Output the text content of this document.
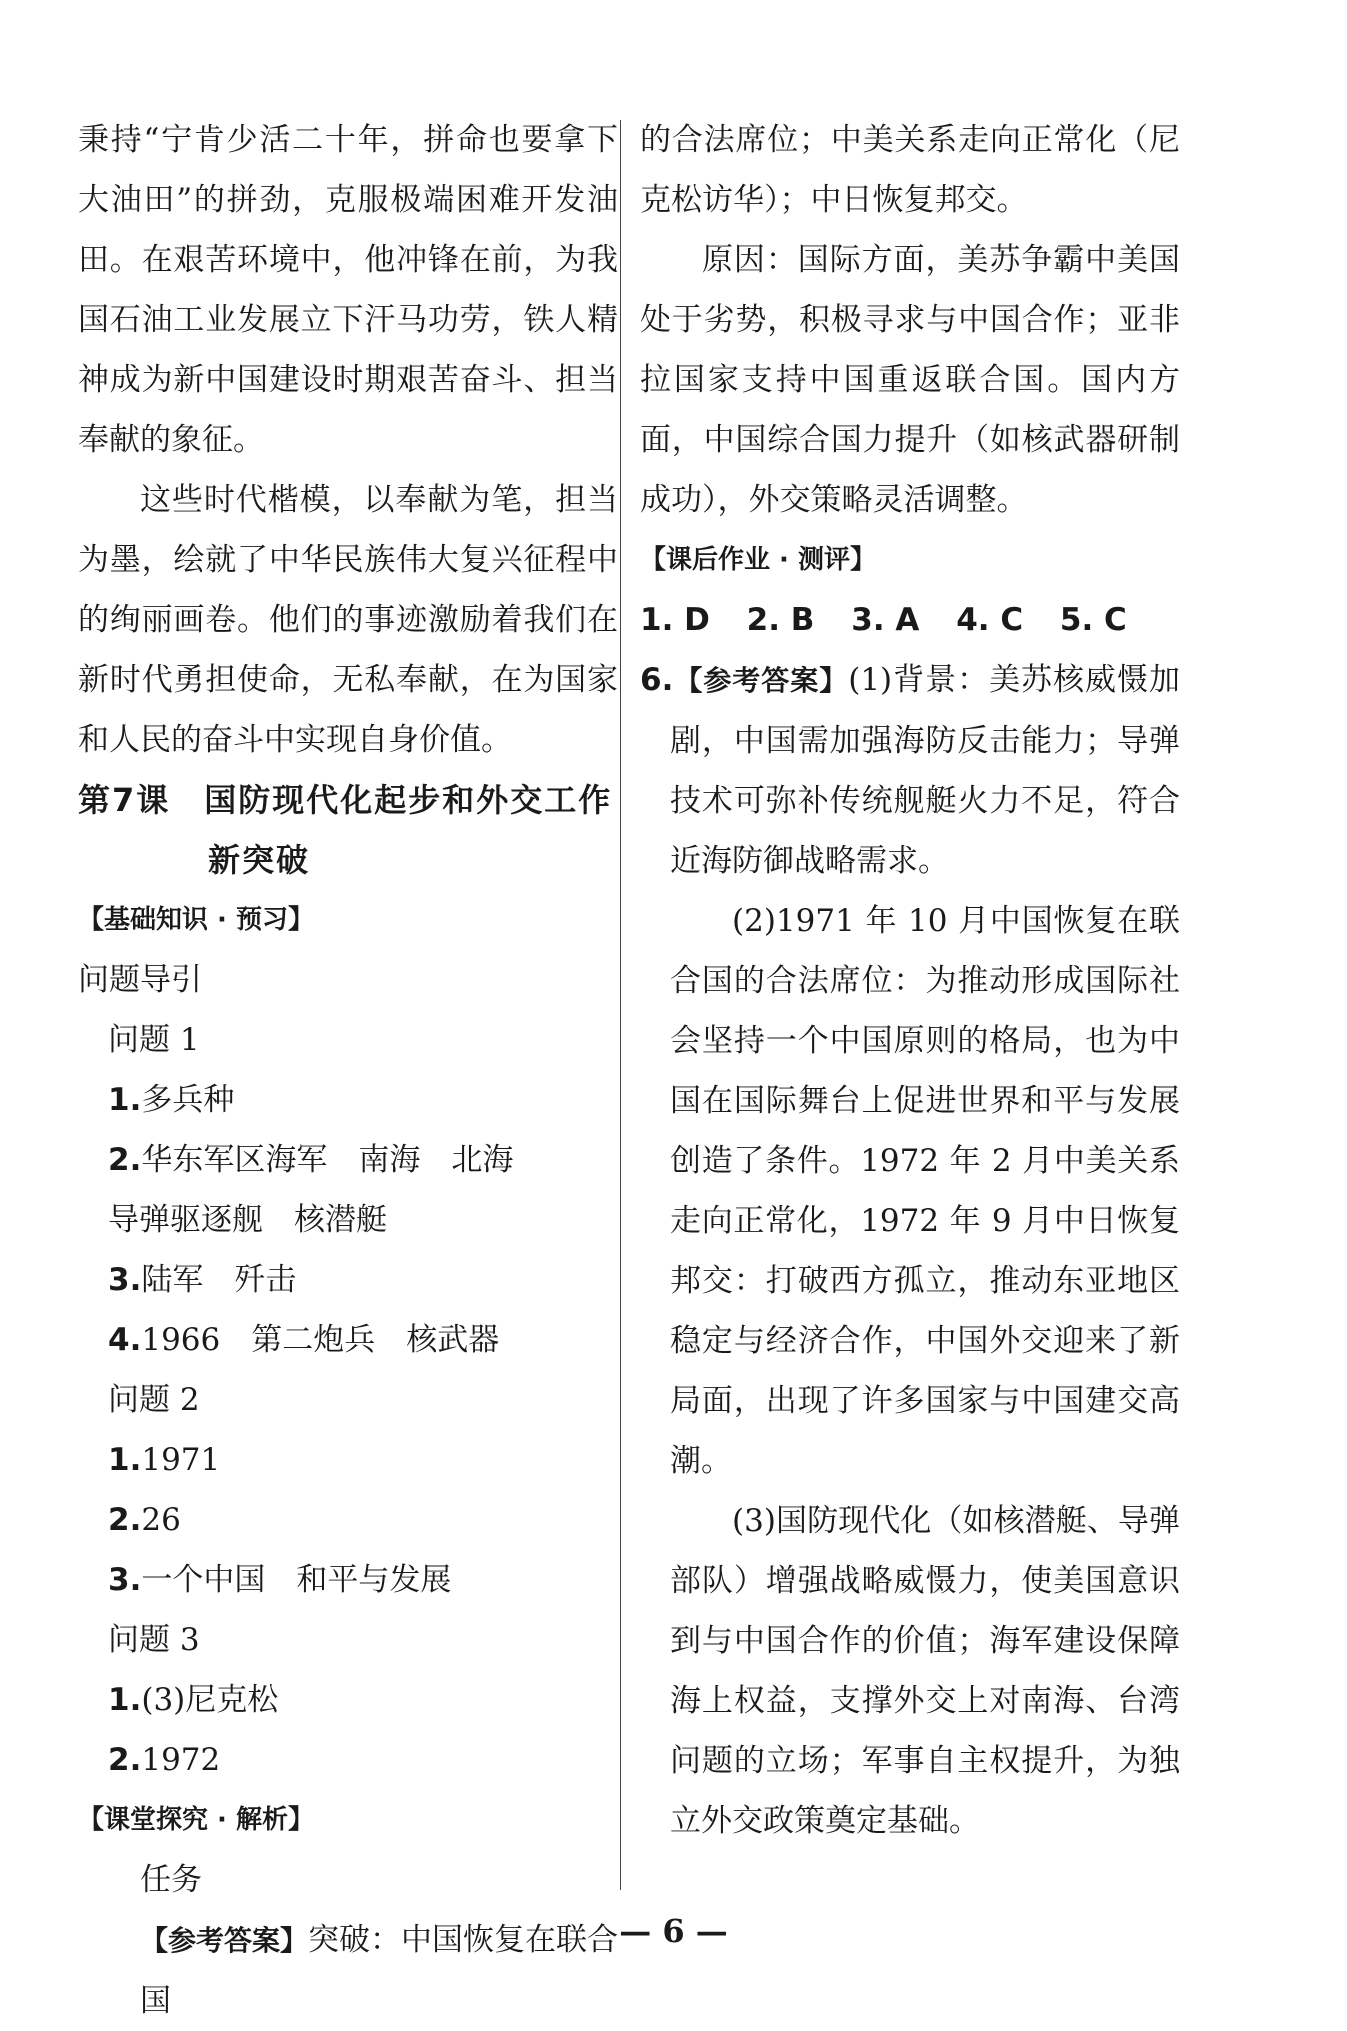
秉持“宁肯少活二十年，拼命也要拿下大油田”的拼劲，克服极端困难开发油田。在艰苦环境中，他冲锋在前，为我国石油工业发展立下汗马功劳，铁人精神成为新中国建设时期艰苦奋斗、担当奉献的象征。

这些时代楷模，以奉献为笔，担当为墨，绘就了中华民族伟大复兴征程中的绚丽画卷。他们的事迹激励着我们在新时代勇担使命，无私奉献，在为国家和人民的奋斗中实现自身价值。

第7课　国防现代化起步和外交工作
新突破
【基础知识 · 预习】
问题导引
问题 1
1.多兵种
2.华东军区海军　南海　北海
导弹驱逐舰　核潜艇
3.陆军　歼击
4.1966　第二炮兵　核武器
问题 2
1.1971
2.26
3.一个中国　和平与发展
问题 3
1.(3)尼克松
2.1972
【课堂探究 · 解析】
任务
【参考答案】突破：中国恢复在联合国

的合法席位；中美关系走向正常化（尼克松访华）；中日恢复邦交。

原因：国际方面，美苏争霸中美国处于劣势，积极寻求与中国合作；亚非拉国家支持中国重返联合国。国内方面，中国综合国力提升（如核武器研制成功），外交策略灵活调整。

【课后作业 · 测评】
1. D 2. B 3. A 4. C 5. C
6.【参考答案】(1)背景：美苏核威慑加剧，中国需加强海防反击能力；导弹技术可弥补传统舰艇火力不足，符合近海防御战略需求。

(2)1971 年 10 月中国恢复在联合国的合法席位：为推动形成国际社会坚持一个中国原则的格局，也为中国在国际舞台上促进世界和平与发展创造了条件。1972 年 2 月中美关系走向正常化，1972 年 9 月中日恢复邦交：打破西方孤立，推动东亚地区稳定与经济合作，中国外交迎来了新局面，出现了许多国家与中国建交高潮。

(3)国防现代化（如核潜艇、导弹部队）增强战略威慑力，使美国意识到与中国合作的价值；海军建设保障海上权益，支撑外交上对南海、台湾问题的立场；军事自主权提升，为独立外交政策奠定基础。

— 6 —
